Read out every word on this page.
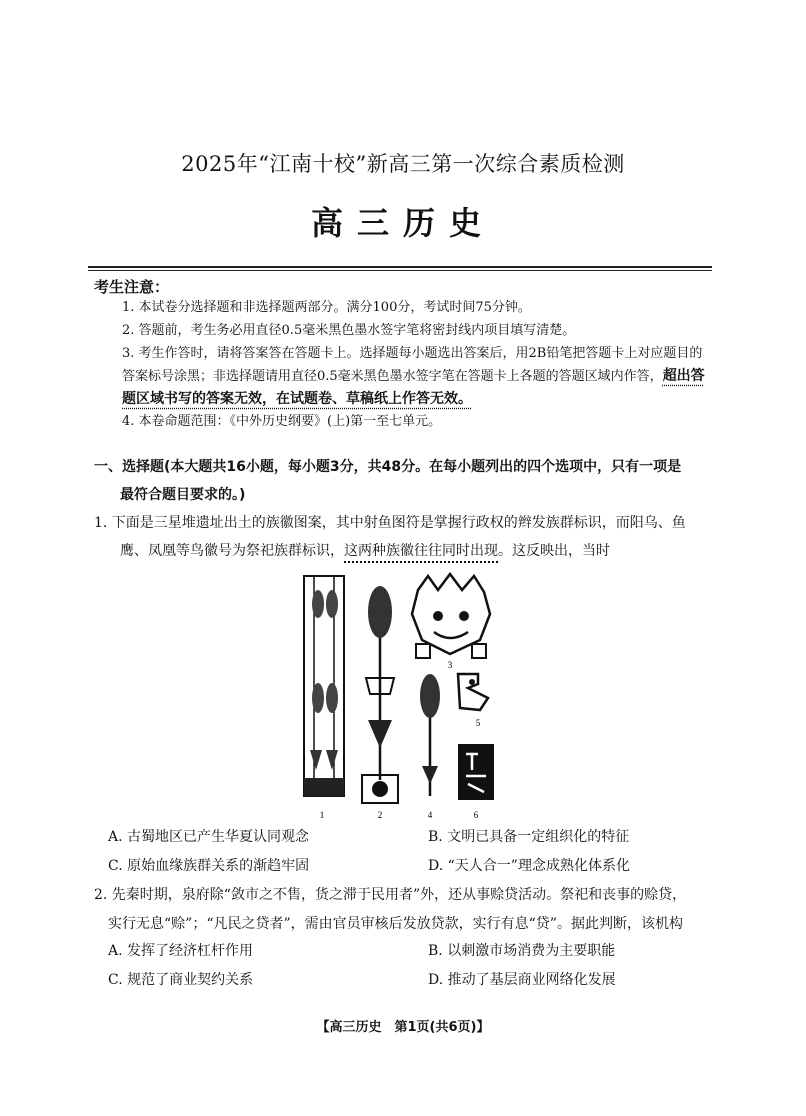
2025年“江南十校”新高三第一次综合素质检测
高三历史
考生注意：
1. 本试卷分选择题和非选择题两部分。满分100分，考试时间75分钟。
2. 答题前，考生务必用直径0.5毫米黑色墨水签字笔将密封线内项目填写清楚。
3. 考生作答时，请将答案答在答题卡上。选择题每小题选出答案后，用2B铅笔把答题卡上对应题目的答案标号涂黑；非选择题请用直径0.5毫米黑色墨水签字笔在答题卡上各题的答题区域内作答，超出答题区域书写的答案无效，在试题卷、草稿纸上作答无效。
4. 本卷命题范围：《中外历史纲要》(上)第一至七单元。
一、选择题(本大题共16小题，每小题3分，共48分。在每小题列出的四个选项中，只有一项是
最符合题目要求的。)
1. 下面是三星堆遗址出土的族徽图案，其中射鱼图符是掌握行政权的辫发族群标识，而阳乌、鱼
鹰、凤凰等鸟徽号为祭祀族群标识，这两种族徽往往同时出现。这反映出，当时
1	2
3
4
5
6
A. 古蜀地区已产生华夏认同观念	B. 文明已具备一定组织化的特征
C. 原始血缘族群关系的渐趋牢固	D. “天人合一”理念成熟化体系化
2. 先秦时期，泉府除“敛市之不售，货之滞于民用者”外，还从事赊贷活动。祭祀和丧事的赊贷，
实行无息“赊”；“凡民之贷者”，需由官员审核后发放贷款，实行有息“贷”。据此判断，该机构
A. 发挥了经济杠杆作用	B. 以刺激市场消费为主要职能
C. 规范了商业契约关系	D. 推动了基层商业网络化发展
【高三历史　第1页(共6页)】
